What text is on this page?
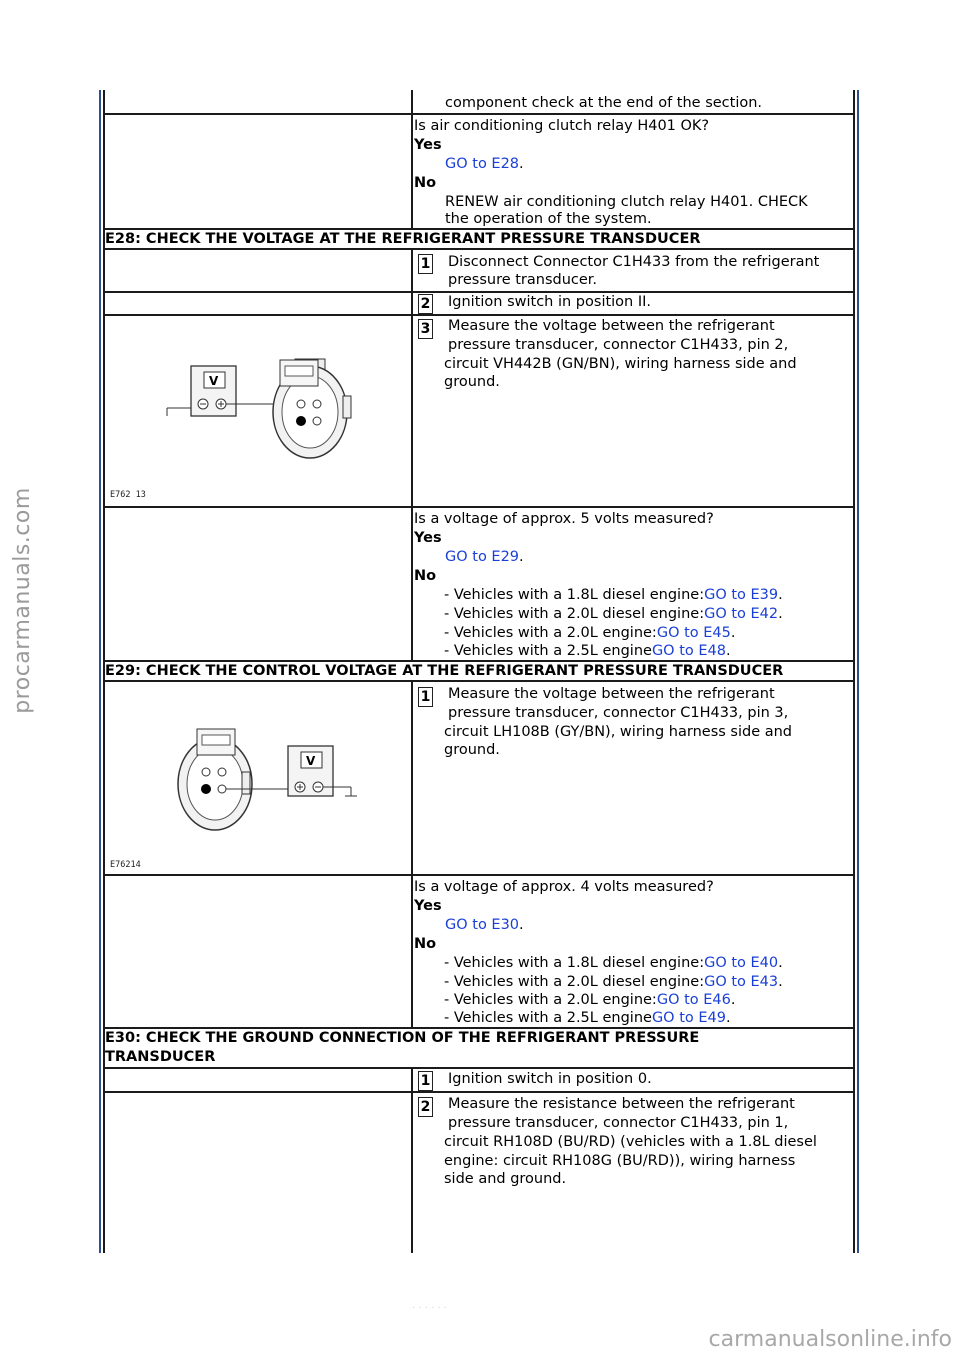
procarmanuals.com
carmanualsonline.info
· · · · · ·
component check at the end of the section.
Is air conditioning clutch relay H401 OK?
Yes
GO to E28.
No
RENEW air conditioning clutch relay H401. CHECK
the operation of the system.
E28: CHECK THE VOLTAGE AT THE REFRIGERANT PRESSURE TRANSDUCER
1 Disconnect Connector C1H433 from the refrigerant
pressure transducer.
2 Ignition switch in position II.
3 Measure the voltage between the refrigerant
pressure transducer, connector C1H433, pin 2,
circuit VH442B (GN/BN), wiring harness side and
ground.
V
E762 13
Is a voltage of approx. 5 volts measured?
Yes
GO to E29.
No
- Vehicles with a 1.8L diesel engine:GO to E39.
- Vehicles with a 2.0L diesel engine:GO to E42.
- Vehicles with a 2.0L engine:GO to E45.
- Vehicles with a 2.5L engineGO to E48.
E29: CHECK THE CONTROL VOLTAGE AT THE REFRIGERANT PRESSURE TRANSDUCER
1 Measure the voltage between the refrigerant
pressure transducer, connector C1H433, pin 3,
circuit LH108B (GY/BN), wiring harness side and
ground.
V
E76214
Is a voltage of approx. 4 volts measured?
Yes
GO to E30.
No
- Vehicles with a 1.8L diesel engine:GO to E40.
- Vehicles with a 2.0L diesel engine:GO to E43.
- Vehicles with a 2.0L engine:GO to E46.
- Vehicles with a 2.5L engineGO to E49.
E30: CHECK THE GROUND CONNECTION OF THE REFRIGERANT PRESSURE
TRANSDUCER
1 Ignition switch in position 0.
2 Measure the resistance between the refrigerant
pressure transducer, connector C1H433, pin 1,
circuit RH108D (BU/RD) (vehicles with a 1.8L diesel
engine: circuit RH108G (BU/RD)), wiring harness
side and ground.
